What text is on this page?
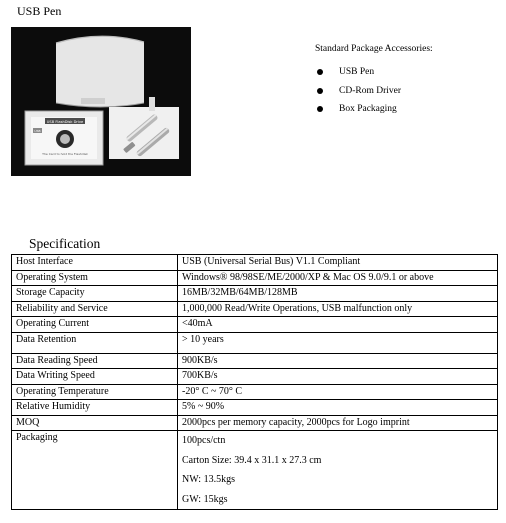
USB Pen
USB FlashDisk Drive
USB
The Card to hold the Flashdisk
Standard Package Accessories:
USB Pen
CD-Rom Driver
Box Packaging
Specification
Host Interface	USB (Universal Serial Bus) V1.1 Compliant
Operating System	Windows® 98/98SE/ME/2000/XP & Mac OS 9.0/9.1 or above
Storage Capacity	16MB/32MB/64MB/128MB
Reliability and Service	1,000,000 Read/Write Operations, USB malfunction only
Operating Current	<40mA
Data Retention	> 10 years
Data Reading Speed	900KB/s
Data Writing Speed	700KB/s
Operating Temperature	-20° C ~ 70° C
Relative Humidity	5% ~ 90%
MOQ	2000pcs per memory capacity, 2000pcs for Logo imprint
Packaging	100pcs/ctn
Carton Size: 39.4 x 31.1 x 27.3 cm
NW: 13.5kgs
GW: 15kgs
